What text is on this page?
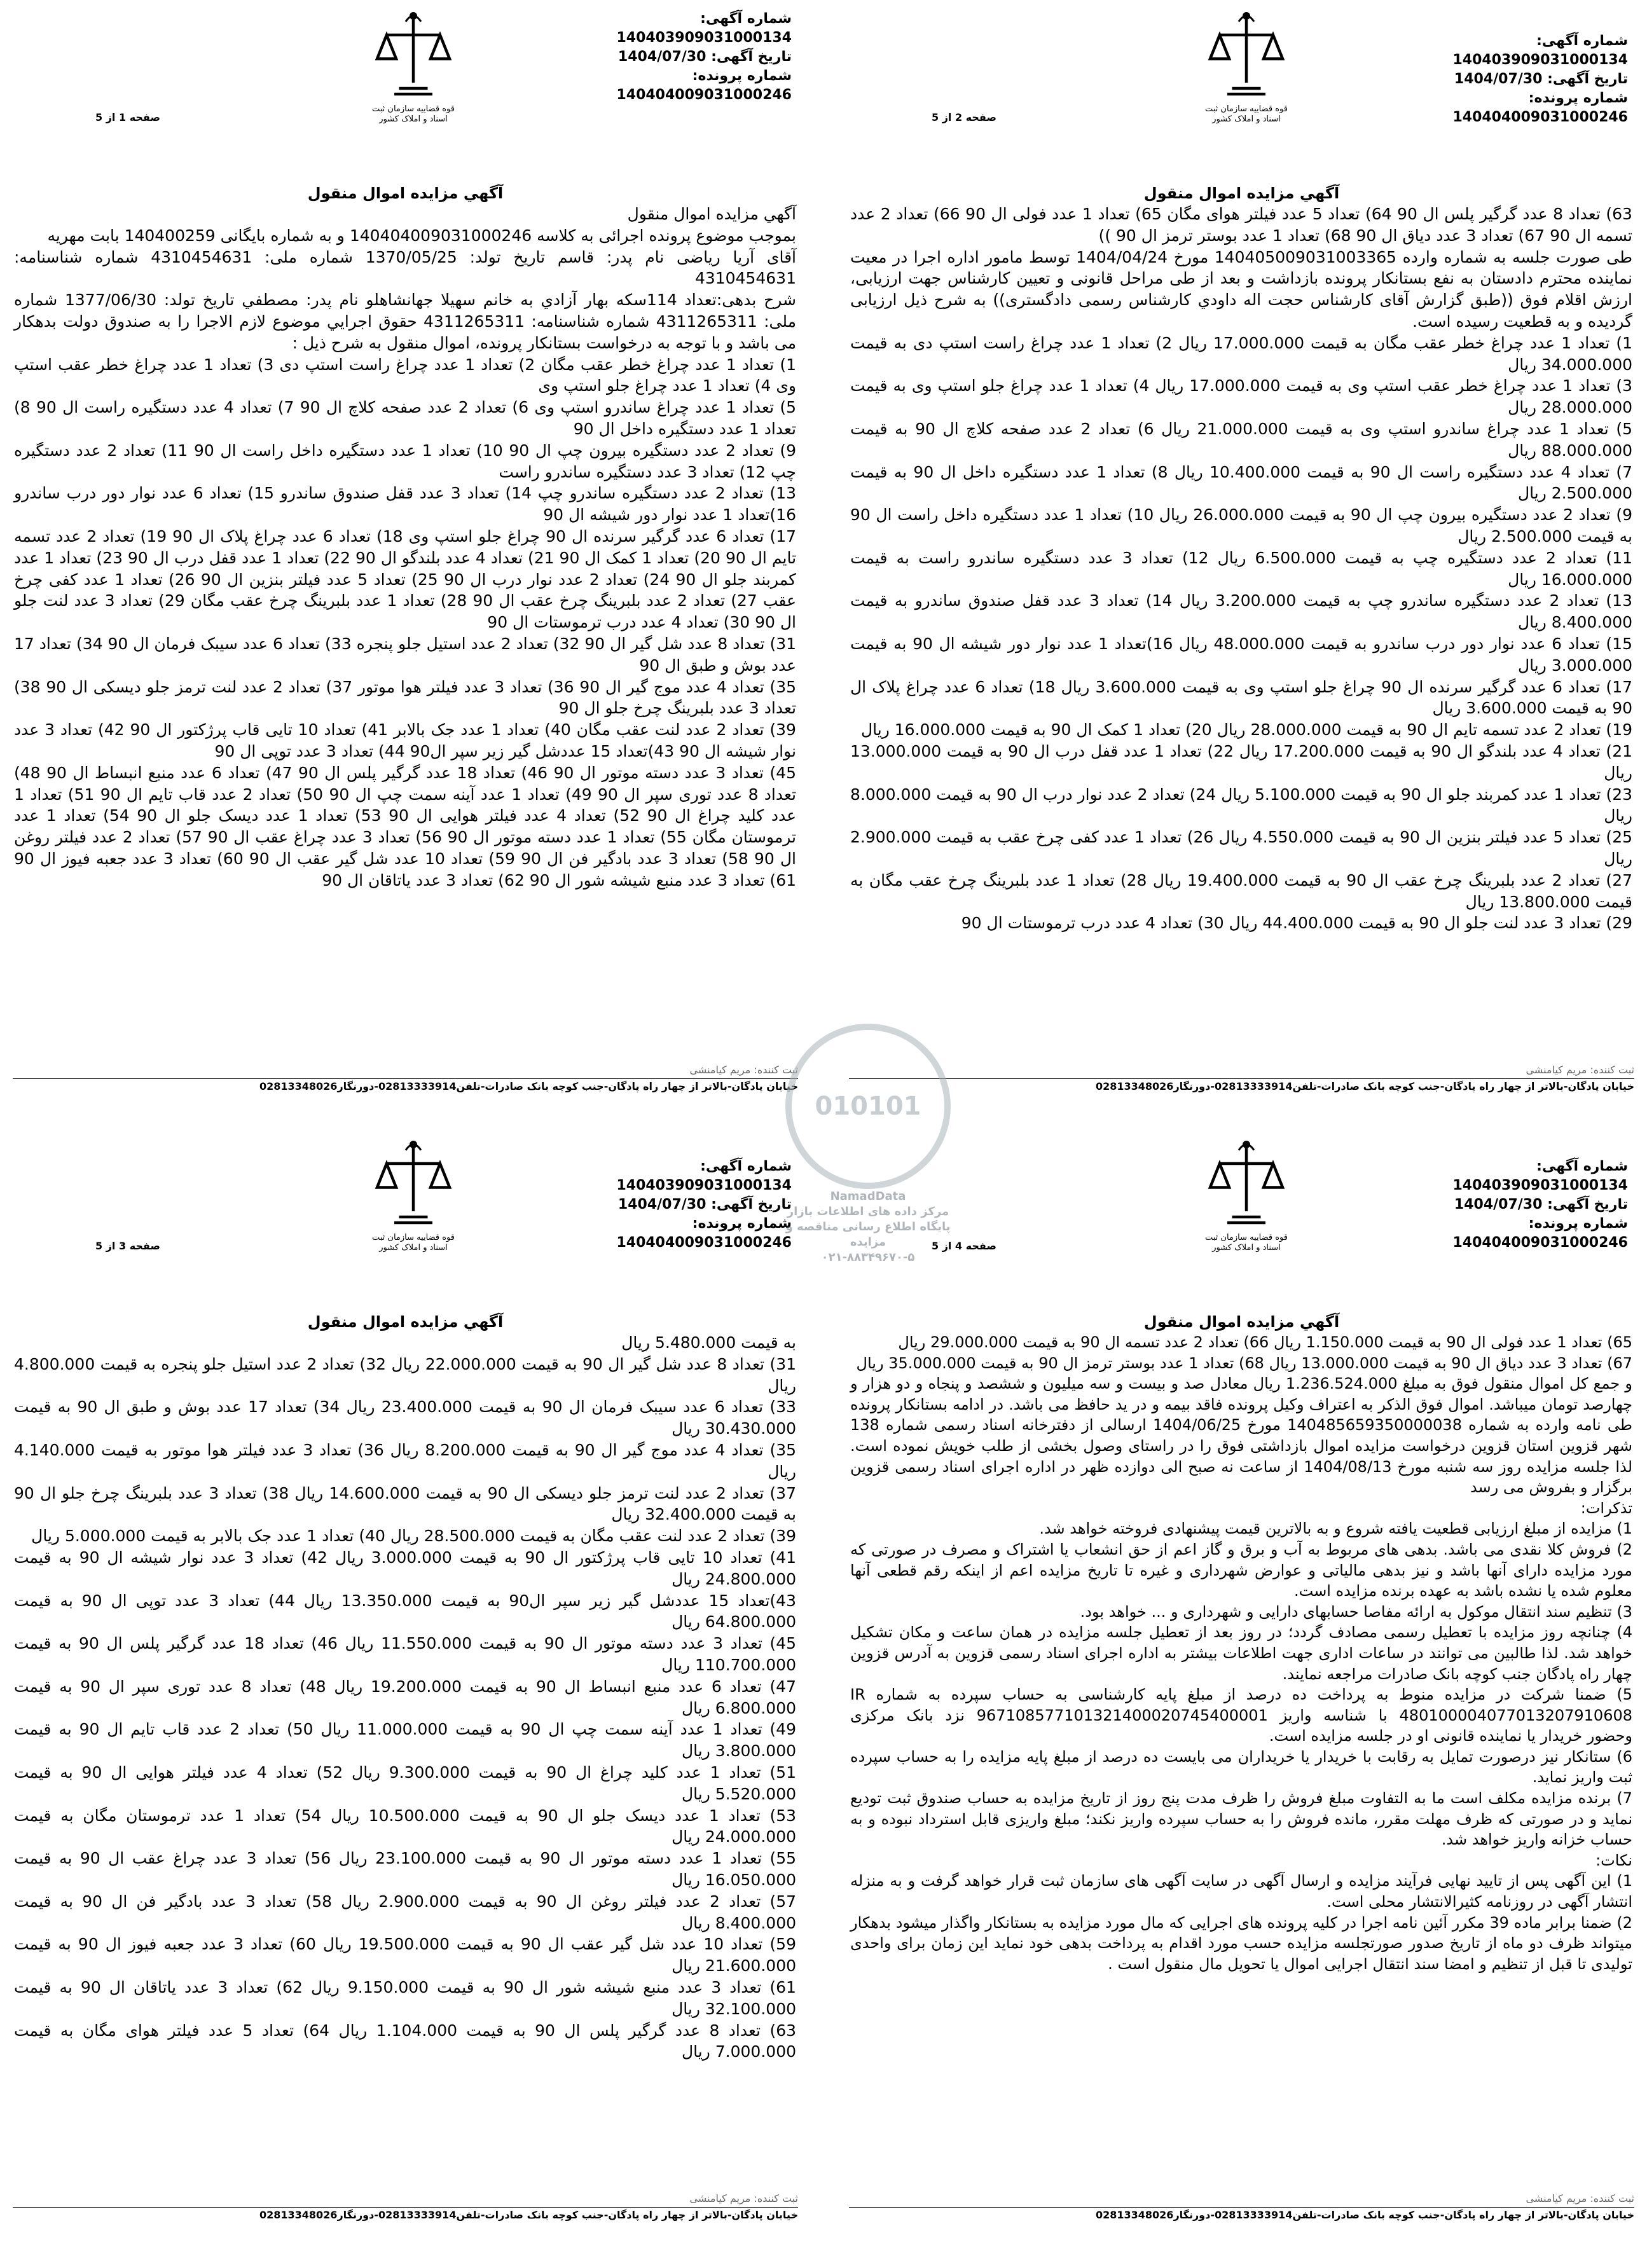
قوه قضاییه سازمان ثبت اسناد و املاک کشور
شماره آگهی: 140403909031000134
تاریخ آگهی: 1404/07/30
شماره پرونده: 140404009031000246
صفحه 1 از 5
آگهي مزايده اموال منقول

آگهي مزايده اموال منقول

بموجب موضوع پرونده اجرائی به کلاسه 140404009031000246 و به شماره بایگانی 140400259 بابت مهریه

آقای آریا ریاضی نام پدر: قاسم تاریخ تولد: 1370/05/25 شماره ملی: 4310454631 شماره شناسنامه: 4310454631

شرح بدهی:تعداد 114سکه بهار آزادي به خانم سهيلا جهانشاهلو نام پدر: مصطفي تاريخ تولد: 1377/06/30 شماره ملی: 4311265311 شماره شناسنامه: 4311265311 حقوق اجرايي موضوع لازم الاجرا را به صندوق دولت بدهکار می باشد و با توجه به درخواست بستانکار پرونده، اموال منقول به شرح ذیل :

1) تعداد 1 عدد چراغ خطر عقب مگان 2) تعداد 1 عدد چراغ راست استپ دی 3) تعداد 1 عدد چراغ خطر عقب استپ وی 4) تعداد 1 عدد چراغ جلو استپ وی

5) تعداد 1 عدد چراغ ساندرو استپ وی 6) تعداد 2 عدد صفحه کلاچ ال 90 7) تعداد 4 عدد دستگیره راست ال 90 8) تعداد 1 عدد دستگیره داخل ال 90

9) تعداد 2 عدد دستگیره بیرون چپ ال 90 10) تعداد 1 عدد دستگیره داخل راست ال 90 11) تعداد 2 عدد دستگیره چپ 12) تعداد 3 عدد دستگیره ساندرو راست

13) تعداد 2 عدد دستگیره ساندرو چپ 14) تعداد 3 عدد قفل صندوق ساندرو 15) تعداد 6 عدد نوار دور درب ساندرو 16)تعداد 1 عدد نوار دور شیشه ال 90

17) تعداد 6 عدد گرگیر سرنده ال 90 چراغ جلو استپ وی 18) تعداد 6 عدد چراغ پلاک ال 90 19) تعداد 2 عدد تسمه تایم ال 90 20) تعداد 1 کمک ال 90 21) تعداد 4 عدد بلندگو ال 90 22) تعداد 1 عدد قفل درب ال 90 23) تعداد 1 عدد کمربند جلو ال 90 24) تعداد 2 عدد نوار درب ال 90 25) تعداد 5 عدد فیلتر بنزین ال 90 26) تعداد 1 عدد کفی چرخ عقب 27) تعداد 2 عدد بلبرینگ چرخ عقب ال 90 28) تعداد 1 عدد بلبرینگ چرخ عقب مگان 29) تعداد 3 عدد لنت جلو ال 90 30) تعداد 4 عدد درب ترموستات ال 90

31) تعداد 8 عدد شل گیر ال 90 32) تعداد 2 عدد استیل جلو پنجره 33) تعداد 6 عدد سیبک فرمان ال 90 34) تعداد 17 عدد بوش و طبق ال 90

35) تعداد 4 عدد موج گیر ال 90 36) تعداد 3 عدد فیلتر هوا موتور 37) تعداد 2 عدد لنت ترمز جلو دیسکی ال 90 38) تعداد 3 عدد بلبرینگ چرخ جلو ال 90

39) تعداد 2 عدد لنت عقب مگان 40) تعداد 1 عدد جک بالابر 41) تعداد 10 تایی قاب پرژکتور ال 90 42) تعداد 3 عدد نوار شیشه ال 90 43)تعداد 15 عددشل گیر زیر سپر ال90 44) تعداد 3 عدد توپی ال 90

45) تعداد 3 عدد دسته موتور ال 90 46) تعداد 18 عدد گرگیر پلس ال 90 47) تعداد 6 عدد منبع انبساط ال 90 48) تعداد 8 عدد توری سپر ال 90 49) تعداد 1 عدد آینه سمت چپ ال 90 50) تعداد 2 عدد قاب تایم ال 90 51) تعداد 1 عدد کلید چراغ ال 90 52) تعداد 4 عدد فیلتر هوایی ال 90 53) تعداد 1 عدد دیسک جلو ال 90 54) تعداد 1 عدد ترموستان مگان 55) تعداد 1 عدد دسته موتور ال 90 56) تعداد 3 عدد چراغ عقب ال 90 57) تعداد 2 عدد فیلتر روغن ال 90 58) تعداد 3 عدد بادگیر فن ال 90 59) تعداد 10 عدد شل گیر عقب ال 90 60) تعداد 3 عدد جعبه فیوز ال 90 61) تعداد 3 عدد منبع شیشه شور ال 90 62) تعداد 3 عدد یاتاقان ال 90

ثبت کننده: مریم کیامنشی
خیابان پادگان-بالاتر از چهار راه پادگان-جنب کوچه بانک صادرات-تلفن02813333914-دورنگار02813348026
قوه قضاییه سازمان ثبت اسناد و املاک کشور
شماره آگهی: 140403909031000134
تاریخ آگهی: 1404/07/30
شماره پرونده: 140404009031000246
صفحه 2 از 5
آگهي مزايده اموال منقول

63) تعداد 8 عدد گرگیر پلس ال 90 64) تعداد 5 عدد فیلتر هوای مگان 65) تعداد 1 عدد فولی ال 90 66) تعداد 2 عدد تسمه ال 90 67) تعداد 3 عدد دیاق ال 90 68) تعداد 1 عدد بوستر ترمز ال 90 ))

طی صورت جلسه به شماره وارده 140405009031003365 مورخ 1404/04/24 توسط مامور اداره اجرا در معیت نماینده محترم دادستان به نفع بستانکار پرونده بازداشت و بعد از طی مراحل قانونی و تعیین کارشناس جهت ارزیابی، ارزش اقلام فوق ((طبق گزارش آقای کارشناس حجت اله داودي کارشناس رسمی دادگستری)) به شرح ذیل ارزیابی گردیده و به قطعیت رسیده است.

1) تعداد 1 عدد چراغ خطر عقب مگان به قیمت 17.000.000 ریال 2) تعداد 1 عدد چراغ راست استپ دی به قیمت 34.000.000 ریال

3) تعداد 1 عدد چراغ خطر عقب استپ وی به قیمت 17.000.000 ریال 4) تعداد 1 عدد چراغ جلو استپ وی به قیمت 28.000.000 ریال

5) تعداد 1 عدد چراغ ساندرو استپ وی به قیمت 21.000.000 ریال 6) تعداد 2 عدد صفحه کلاچ ال 90 به قیمت 88.000.000 ریال

7) تعداد 4 عدد دستگیره راست ال 90 به قیمت 10.400.000 ریال 8) تعداد 1 عدد دستگیره داخل ال 90 به قیمت 2.500.000 ریال

9) تعداد 2 عدد دستگیره بیرون چپ ال 90 به قیمت 26.000.000 ریال 10) تعداد 1 عدد دستگیره داخل راست ال 90 به قیمت 2.500.000 ریال

11) تعداد 2 عدد دستگیره چپ به قیمت 6.500.000 ریال 12) تعداد 3 عدد دستگیره ساندرو راست به قیمت 16.000.000 ریال

13) تعداد 2 عدد دستگیره ساندرو چپ به قیمت 3.200.000 ریال 14) تعداد 3 عدد قفل صندوق ساندرو به قیمت 8.400.000 ریال

15) تعداد 6 عدد نوار دور درب ساندرو به قیمت 48.000.000 ریال 16)تعداد 1 عدد نوار دور شیشه ال 90 به قیمت 3.000.000 ریال

17) تعداد 6 عدد گرگیر سرنده ال 90 چراغ جلو استپ وی به قیمت 3.600.000 ریال 18) تعداد 6 عدد چراغ پلاک ال 90 به قیمت 3.600.000 ریال

19) تعداد 2 عدد تسمه تایم ال 90 به قیمت 28.000.000 ریال 20) تعداد 1 کمک ال 90 به قیمت 16.000.000 ریال

21) تعداد 4 عدد بلندگو ال 90 به قیمت 17.200.000 ریال 22) تعداد 1 عدد قفل درب ال 90 به قیمت 13.000.000 ریال

23) تعداد 1 عدد کمربند جلو ال 90 به قیمت 5.100.000 ریال 24) تعداد 2 عدد نوار درب ال 90 به قیمت 8.000.000 ریال

25) تعداد 5 عدد فیلتر بنزین ال 90 به قیمت 4.550.000 ریال 26) تعداد 1 عدد کفی چرخ عقب به قیمت 2.900.000 ریال

27) تعداد 2 عدد بلبرینگ چرخ عقب ال 90 به قیمت 19.400.000 ریال 28) تعداد 1 عدد بلبرینگ چرخ عقب مگان به قیمت 13.800.000 ریال

29) تعداد 3 عدد لنت جلو ال 90 به قیمت 44.400.000 ریال 30) تعداد 4 عدد درب ترموستات ال 90

ثبت کننده: مریم کیامنشی
خیابان پادگان-بالاتر از چهار راه پادگان-جنب کوچه بانک صادرات-تلفن02813333914-دورنگار02813348026
قوه قضاییه سازمان ثبت اسناد و املاک کشور
شماره آگهی: 140403909031000134
تاریخ آگهی: 1404/07/30
شماره پرونده: 140404009031000246
صفحه 3 از 5
آگهي مزايده اموال منقول

به قیمت 5.480.000 ریال

31) تعداد 8 عدد شل گیر ال 90 به قیمت 22.000.000 ریال 32) تعداد 2 عدد استیل جلو پنجره به قیمت 4.800.000 ریال

33) تعداد 6 عدد سیبک فرمان ال 90 به قیمت 23.400.000 ریال 34) تعداد 17 عدد بوش و طبق ال 90 به قیمت 30.430.000 ریال

35) تعداد 4 عدد موج گیر ال 90 به قیمت 8.200.000 ریال 36) تعداد 3 عدد فیلتر هوا موتور به قیمت 4.140.000 ریال

37) تعداد 2 عدد لنت ترمز جلو دیسکی ال 90 به قیمت 14.600.000 ریال 38) تعداد 3 عدد بلبرینگ چرخ جلو ال 90 به قیمت 32.400.000 ریال

39) تعداد 2 عدد لنت عقب مگان به قیمت 28.500.000 ریال 40) تعداد 1 عدد جک بالابر به قیمت 5.000.000 ریال

41) تعداد 10 تایی قاب پرژکتور ال 90 به قیمت 3.000.000 ریال 42) تعداد 3 عدد نوار شیشه ال 90 به قیمت 24.800.000 ریال

43)تعداد 15 عددشل گیر زیر سپر ال90 به قیمت 13.350.000 ریال 44) تعداد 3 عدد توپی ال 90 به قیمت 64.800.000 ریال

45) تعداد 3 عدد دسته موتور ال 90 به قیمت 11.550.000 ریال 46) تعداد 18 عدد گرگیر پلس ال 90 به قیمت 110.700.000 ریال

47) تعداد 6 عدد منبع انبساط ال 90 به قیمت 19.200.000 ریال 48) تعداد 8 عدد توری سپر ال 90 به قیمت 6.800.000 ریال

49) تعداد 1 عدد آینه سمت چپ ال 90 به قیمت 11.000.000 ریال 50) تعداد 2 عدد قاب تایم ال 90 به قیمت 3.800.000 ریال

51) تعداد 1 عدد کلید چراغ ال 90 به قیمت 9.300.000 ریال 52) تعداد 4 عدد فیلتر هوایی ال 90 به قیمت 5.520.000 ریال

53) تعداد 1 عدد دیسک جلو ال 90 به قیمت 10.500.000 ریال 54) تعداد 1 عدد ترموستان مگان به قیمت 24.000.000 ریال

55) تعداد 1 عدد دسته موتور ال 90 به قیمت 23.100.000 ریال 56) تعداد 3 عدد چراغ عقب ال 90 به قیمت 16.050.000 ریال

57) تعداد 2 عدد فیلتر روغن ال 90 به قیمت 2.900.000 ریال 58) تعداد 3 عدد بادگیر فن ال 90 به قیمت 8.400.000 ریال

59) تعداد 10 عدد شل گیر عقب ال 90 به قیمت 19.500.000 ریال 60) تعداد 3 عدد جعبه فیوز ال 90 به قیمت 21.600.000 ریال

61) تعداد 3 عدد منبع شیشه شور ال 90 به قیمت 9.150.000 ریال 62) تعداد 3 عدد یاتاقان ال 90 به قیمت 32.100.000 ریال

63) تعداد 8 عدد گرگیر پلس ال 90 به قیمت 1.104.000 ریال 64) تعداد 5 عدد فیلتر هوای مگان به قیمت 7.000.000 ریال

ثبت کننده: مریم کیامنشی
خیابان پادگان-بالاتر از چهار راه پادگان-جنب کوچه بانک صادرات-تلفن02813333914-دورنگار02813348026
قوه قضاییه سازمان ثبت اسناد و املاک کشور
شماره آگهی: 140403909031000134
تاریخ آگهی: 1404/07/30
شماره پرونده: 140404009031000246
صفحه 4 از 5
آگهي مزايده اموال منقول

65) تعداد 1 عدد فولی ال 90 به قیمت 1.150.000 ریال 66) تعداد 2 عدد تسمه ال 90 به قیمت 29.000.000 ریال

67) تعداد 3 عدد دیاق ال 90 به قیمت 13.000.000 ریال 68) تعداد 1 عدد بوستر ترمز ال 90 به قیمت 35.000.000 ریال

و جمع کل اموال منقول فوق به مبلغ 1.236.524.000 ریال معادل صد و بیست و سه میلیون و ششصد و پنجاه و دو هزار و چهارصد تومان میباشد. اموال فوق الذکر به اعتراف وکیل پرونده فاقد بیمه و در ید حافظ می باشد. در ادامه بستانکار پرونده طی نامه وارده به شماره 140485659350000038 مورخ 1404/06/25 ارسالی از دفترخانه اسناد رسمی شماره 138 شهر قزوین استان قزوین درخواست مزایده اموال بازداشتی فوق را در راستای وصول بخشی از طلب خویش نموده است. لذا جلسه مزایده روز سه شنبه مورخ 1404/08/13 از ساعت نه صبح الی دوازده ظهر در اداره اجرای اسناد رسمی قزوین برگزار و بفروش می رسد

تذکرات:

1) مزایده از مبلغ ارزیابی قطعیت یافته شروع و به بالاترین قیمت پیشنهادی فروخته خواهد شد.

2) فروش کلا نقدی می باشد. بدهی های مربوط به آب و برق و گاز اعم از حق انشعاب یا اشتراک و مصرف در صورتی که مورد مزایده دارای آنها باشد و نیز بدهی مالیاتی و عوارض شهرداری و غیره تا تاریخ مزایده اعم از اینکه رقم قطعی آنها معلوم شده یا نشده باشد به عهده برنده مزایده است.

3) تنظیم سند انتقال موکول به ارائه مفاصا حسابهای دارایی و شهرداری و ... خواهد بود.

4) چنانچه روز مزایده با تعطیل رسمی مصادف گردد؛ در روز بعد از تعطیل جلسه مزایده در همان ساعت و مکان تشکیل خواهد شد. لذا طالبین می توانند در ساعات اداری جهت اطلاعات بیشتر به اداره اجرای اسناد رسمی قزوین به آدرس قزوین چهار راه پادگان جنب کوچه بانک صادرات مراجعه نمایند.

5) ضمنا شرکت در مزایده منوط به پرداخت ده درصد از مبلغ پایه کارشناسی به حساب سپرده به شماره IR 480100004077013207910608 با شناسه واریز 967108577101321400020745400001 نزد بانک مرکزی وحضور خریدار یا نماینده قانونی او در جلسه مزایده است.

6) ستانکار نیز درصورت تمایل به رقابت با خریدار یا خریداران می بایست ده درصد از مبلغ پایه مزایده را به حساب سپرده ثبت واریز نماید.

7) برنده مزایده مکلف است ما به التفاوت مبلغ فروش را ظرف مدت پنج روز از تاریخ مزایده به حساب صندوق ثبت تودیع نماید و در صورتی که ظرف مهلت مقرر، مانده فروش را به حساب سپرده واریز نکند؛ مبلغ واریزی قابل استرداد نبوده و به حساب خزانه واریز خواهد شد.

نکات:

1) این آگهی پس از تایید نهایی فرآیند مزایده و ارسال آگهی در سایت آگهی های سازمان ثبت قرار خواهد گرفت و به منزله انتشار آگهی در روزنامه کثیرالانتشار محلی است.

2) ضمنا برابر ماده 39 مکرر آئین نامه اجرا در کلیه پرونده های اجرایی که مال مورد مزایده به بستانکار واگذار میشود بدهکار میتواند ظرف دو ماه از تاریخ صدور صورتجلسه مزایده حسب مورد اقدام به پرداخت بدهی خود نماید این زمان برای واحدی تولیدی تا قبل از تنظیم و امضا سند انتقال اجرایی اموال یا تحویل مال منقول است .

ثبت کننده: مریم کیامنشی
خیابان پادگان-بالاتر از چهار راه پادگان-جنب کوچه بانک صادرات-تلفن02813333914-دورنگار02813348026
010101
NamadData
مرکز داده های اطلاعات بازار
پایگاه اطلاع رسانی مناقصه و مزایده
۰۲۱-۸۸۳۴۹۶۷۰-۵
